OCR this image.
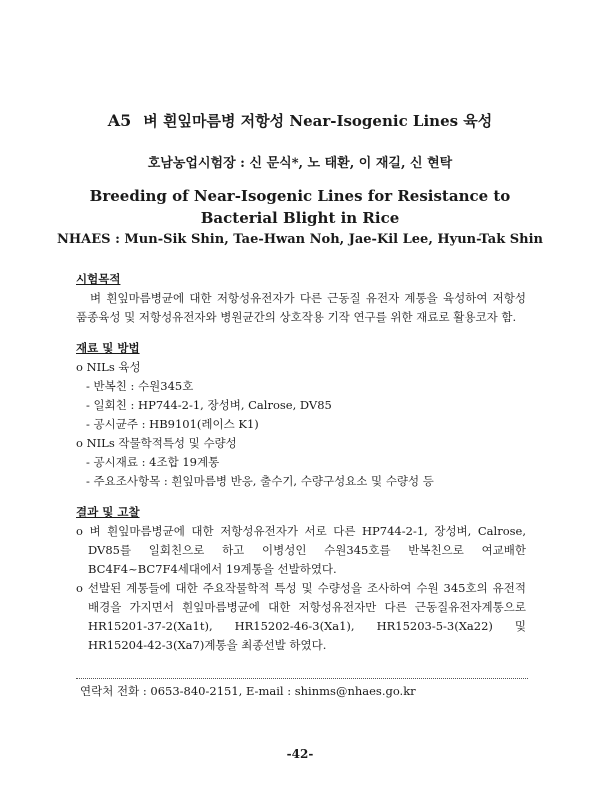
A5 벼 흰잎마름병 저항성 Near-Isogenic Lines 육성
호남농업시험장 : 신 문식*, 노 태환, 이 재길, 신 현탁
Breeding of Near-Isogenic Lines for Resistance to Bacterial Blight in Rice
NHAES : Mun-Sik Shin, Tae-Hwan Noh, Jae-Kil Lee, Hyun-Tak Shin

시험목적

벼 흰잎마름병균에 대한 저항성유전자가 다른 근동질 유전자 계통을 육성하여 저항성 품종육성 및 저항성유전자와 병원균간의 상호작용 기작 연구를 위한 재료로 활용코자 함.

재료 및 방법

o NILs 육성

- 반복친 : 수원345호

- 일회친 : HP744-2-1, 장성벼, Calrose, DV85

- 공시균주 : HB9101(레이스 K1)

o NILs 작물학적특성 및 수량성

- 공시재료 : 4조합 19계통

- 주요조사항목 : 흰잎마름병 반응, 출수기, 수량구성요소 및 수량성 등

결과 및 고찰

o 벼 흰잎마름병균에 대한 저항성유전자가 서로 다른 HP744-2-1, 장성벼, Calrose, DV85를 일회친으로 하고 이병성인 수원345호를 반복친으로 여교배한 BC4F4~BC7F4세대에서 19계통을 선발하였다.

o 선발된 계통들에 대한 주요작물학적 특성 및 수량성을 조사하여 수원 345호의 유전적 배경을 가지면서 흰잎마름병균에 대한 저항성유전자만 다른 근동질유전자계통으로 HR15201-37-2(Xa1t), HR15202-46-3(Xa1), HR15203-5-3(Xa22) 및 HR15204-42-3(Xa7)계통을 최종선발 하였다.

연락처 전화 : 0653-840-2151, E-mail : shinms@nhaes.go.kr
-42-
